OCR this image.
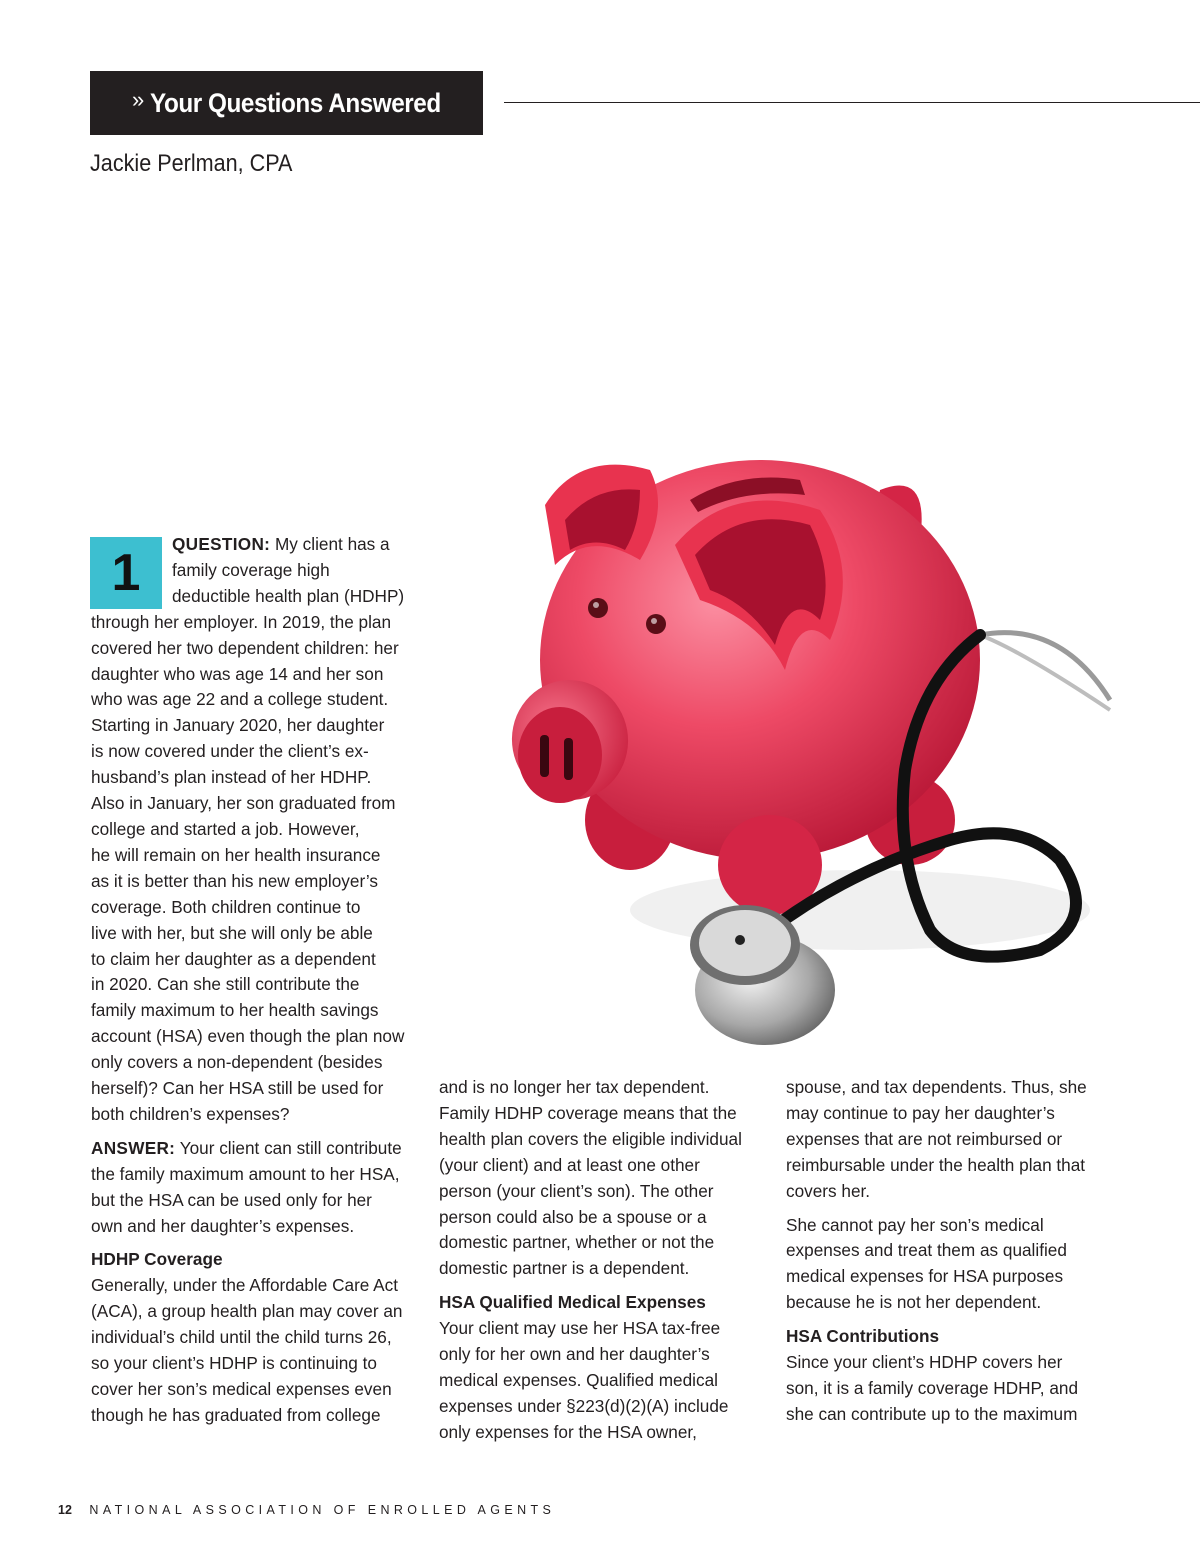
» Your Questions Answered
Jackie Perlman, CPA

1	QUESTION: My client has a

family coverage high
deductible health plan (HDHP)
through her employer. In 2019, the plan
covered her two dependent children: her
daughter who was age 14 and her son
who was age 22 and a college student.
Starting in January 2020, her daughter
is now covered under the client’s ex-
husband’s plan instead of her HDHP.
Also in January, her son graduated from
college and started a job. However,
he will remain on her health insurance
as it is better than his new employer’s
coverage. Both children continue to
live with her, but she will only be able
to claim her daughter as a dependent
in 2020. Can she still contribute the
family maximum to her health savings
account (HSA) even though the plan now
only covers a non-dependent (besides
herself)? Can her HSA still be used for
both children’s expenses?

ANSWER: Your client can still contribute

the family maximum amount to her HSA,
but the HSA can be used only for her
own and her daughter’s expenses.

HDHP Coverage

Generally, under the Affordable Care Act
(ACA), a group health plan may cover an
individual’s child until the child turns 26,
so your client’s HDHP is continuing to
cover her son’s medical expenses even
though he has graduated from college

and is no longer her tax dependent.
Family HDHP coverage means that the
health plan covers the eligible individual
(your client) and at least one other
person (your client’s son). The other
person could also be a spouse or a
domestic partner, whether or not the
domestic partner is a dependent.

HSA Qualified Medical Expenses

Your client may use her HSA tax-free
only for her own and her daughter’s
medical expenses. Qualified medical
expenses under §223(d)(2)(A) include
only expenses for the HSA owner,

spouse, and tax dependents. Thus, she
may continue to pay her daughter’s
expenses that are not reimbursed or
reimbursable under the health plan that
covers her.

She cannot pay her son’s medical
expenses and treat them as qualified
medical expenses for HSA purposes
because he is not her dependent.

HSA Contributions

Since your client’s HDHP covers her
son, it is a family coverage HDHP, and
she can contribute up to the maximum

12 NATIONAL ASSOCIATION OF ENROLLED AGENTS
